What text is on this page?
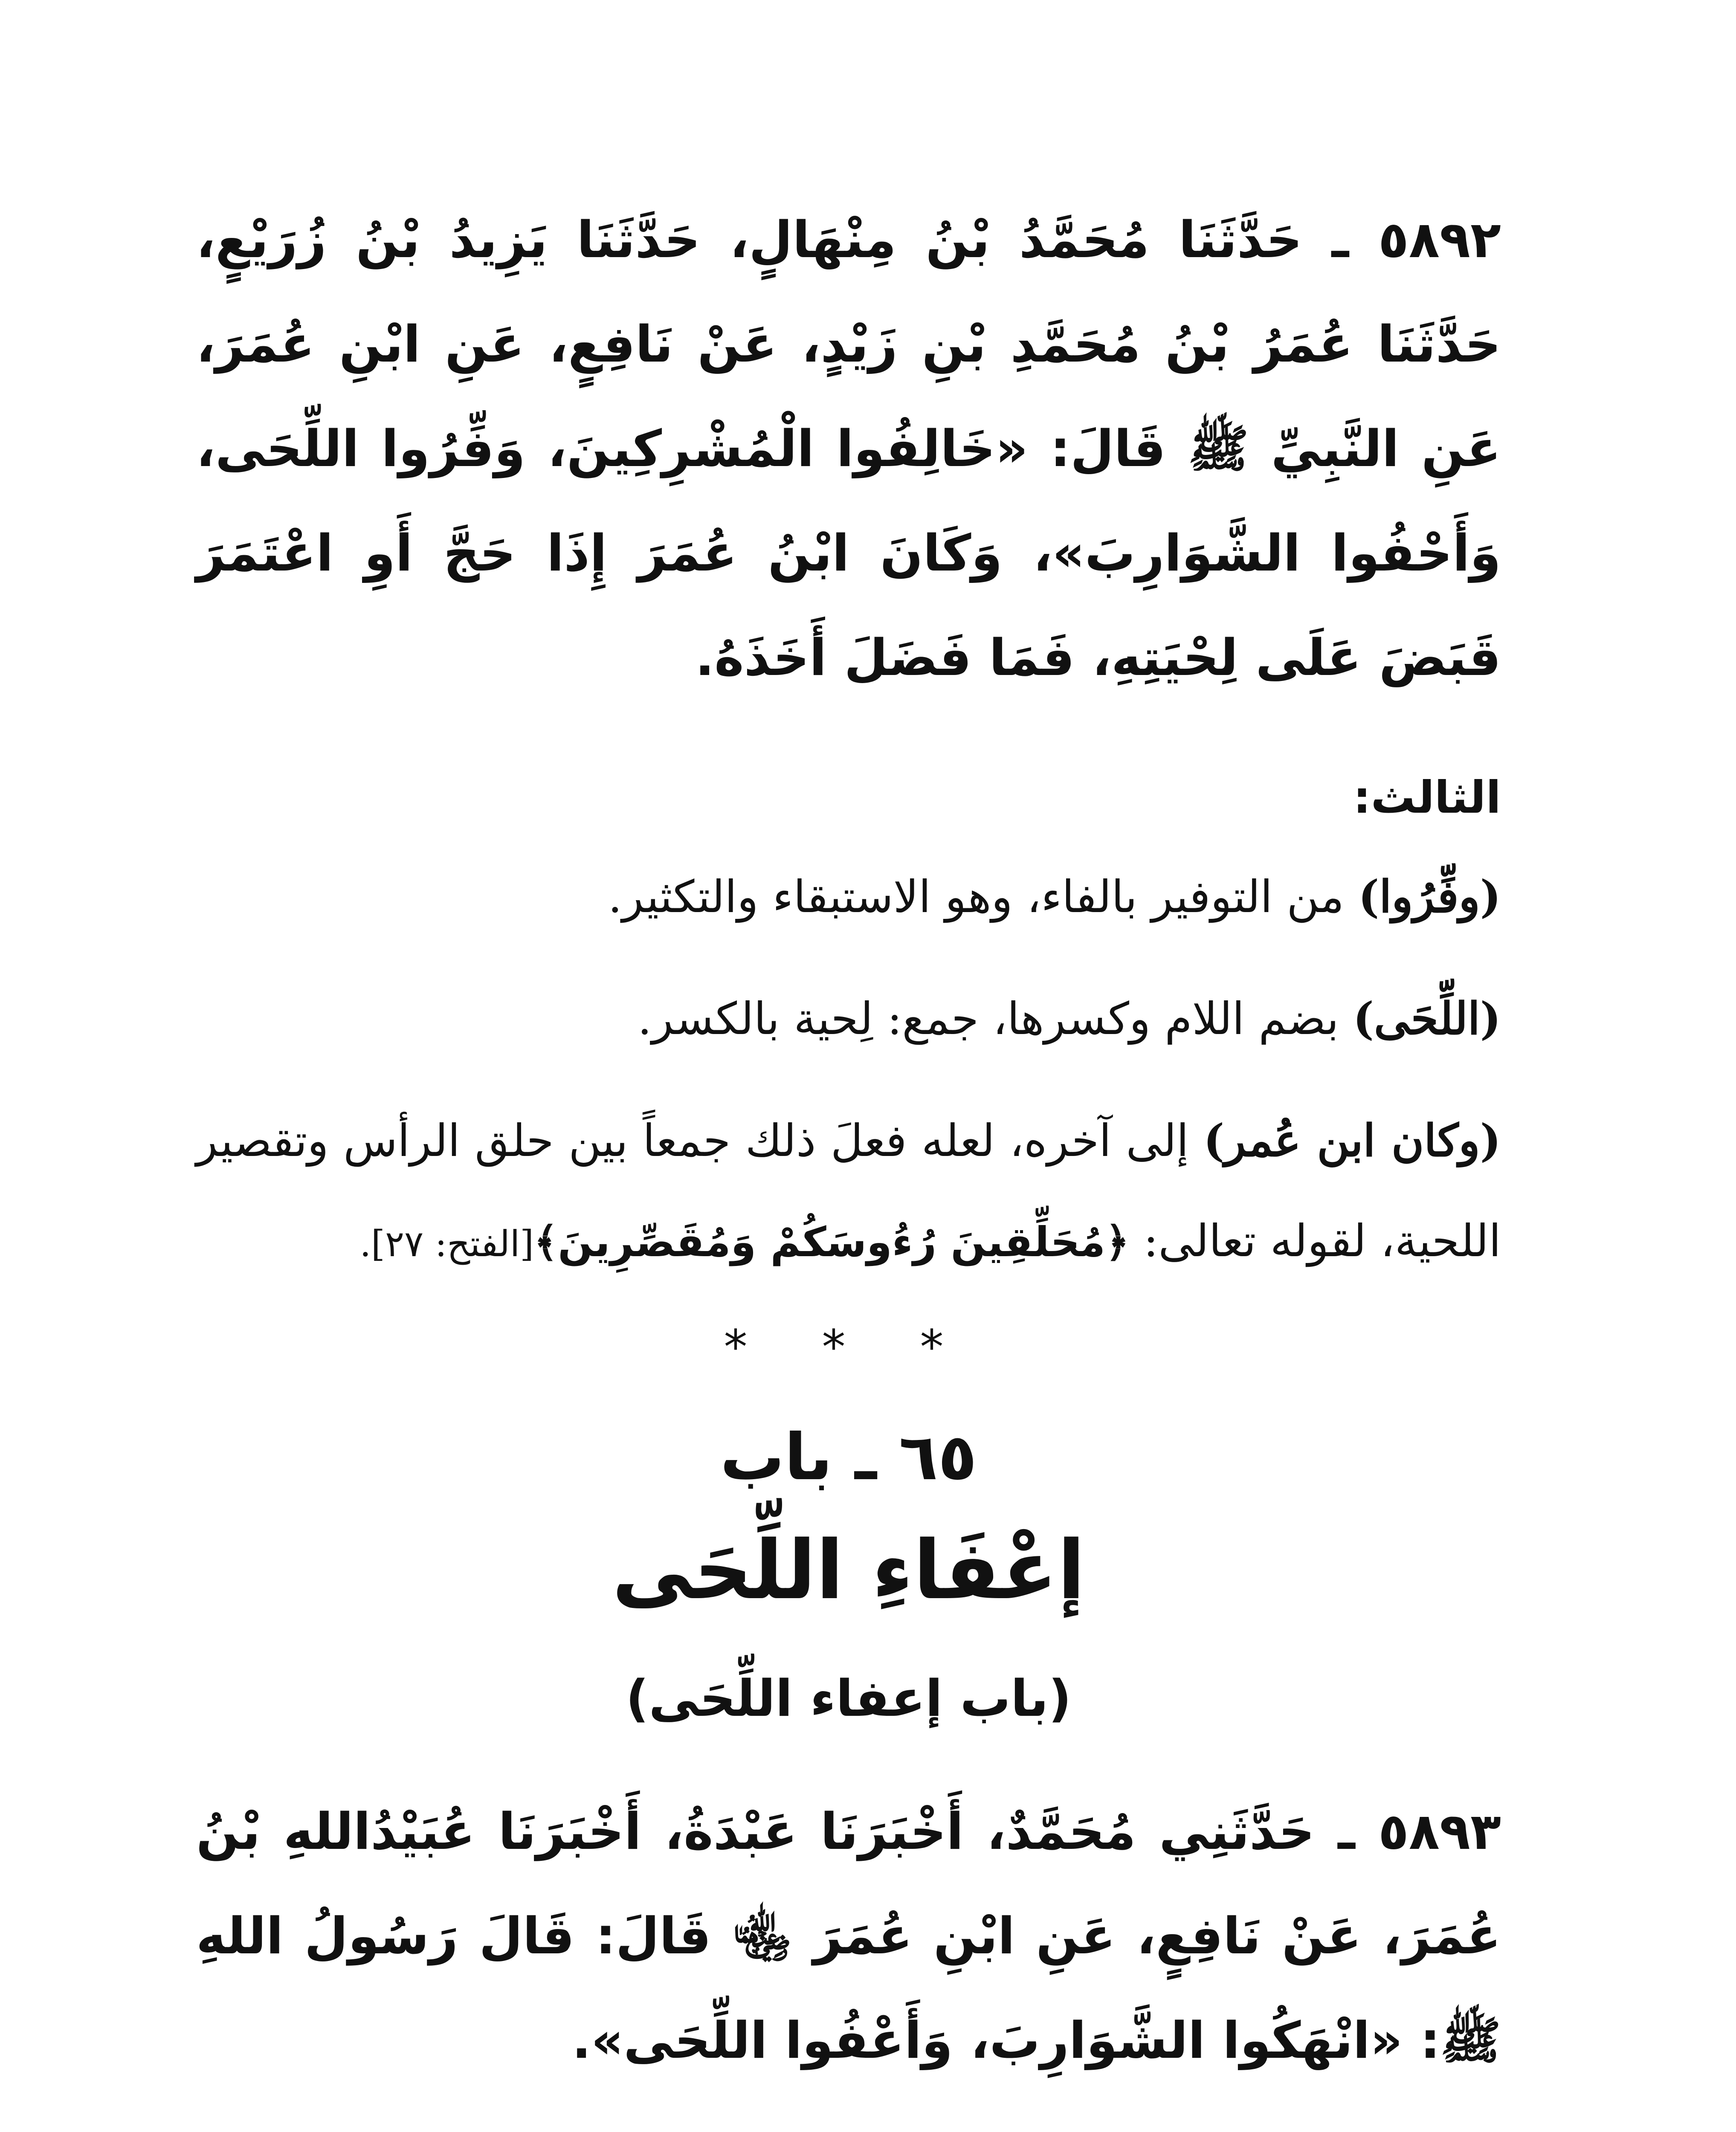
٥٨٩٢ ـ حَدَّثَنَا مُحَمَّدُ بْنُ مِنْهَالٍ، حَدَّثَنَا يَزِيدُ بْنُ زُرَيْعٍ، حَدَّثَنَا عُمَرُ بْنُ مُحَمَّدِ بْنِ زَيْدٍ، عَنْ نَافِعٍ، عَنِ ابْنِ عُمَرَ، عَنِ النَّبِيِّ ﷺ قَالَ: «خَالِفُوا الْمُشْرِكِينَ، وَفِّرُوا اللِّحَى، وَأَحْفُوا الشَّوَارِبَ»، وَكَانَ ابْنُ عُمَرَ إِذَا حَجَّ أَوِ اعْتَمَرَ قَبَضَ عَلَى لِحْيَتِهِ، فَمَا فَضَلَ أَخَذَهُ.

الثالث:

(وفِّرُوا) من التوفير بالفاء، وهو الاستبقاء والتكثير.

(اللِّحَى) بضم اللام وكسرها، جمع: لِحية بالكسر.

(وكان ابن عُمر) إلى آخره، لعله فعلَ ذلك جمعاً بين حلق الرأس وتقصير اللحية، لقوله تعالى: ﴿مُحَلِّقِينَ رُءُوسَكُمْ وَمُقَصِّرِينَ﴾[الفتح: ٢٧].

* * *

٦٥ ـ باب

إعْفَاءِ اللِّحَى

(باب إعفاء اللِّحَى)

٥٨٩٣ ـ حَدَّثَنِي مُحَمَّدٌ، أَخْبَرَنَا عَبْدَةُ، أَخْبَرَنَا عُبَيْدُاللهِ بْنُ عُمَرَ، عَنْ نَافِعٍ، عَنِ ابْنِ عُمَرَ ﵄ قَالَ: قَالَ رَسُولُ اللهِ ﷺ: «انْهَكُوا الشَّوَارِبَ، وَأَعْفُوا اللِّحَى».
